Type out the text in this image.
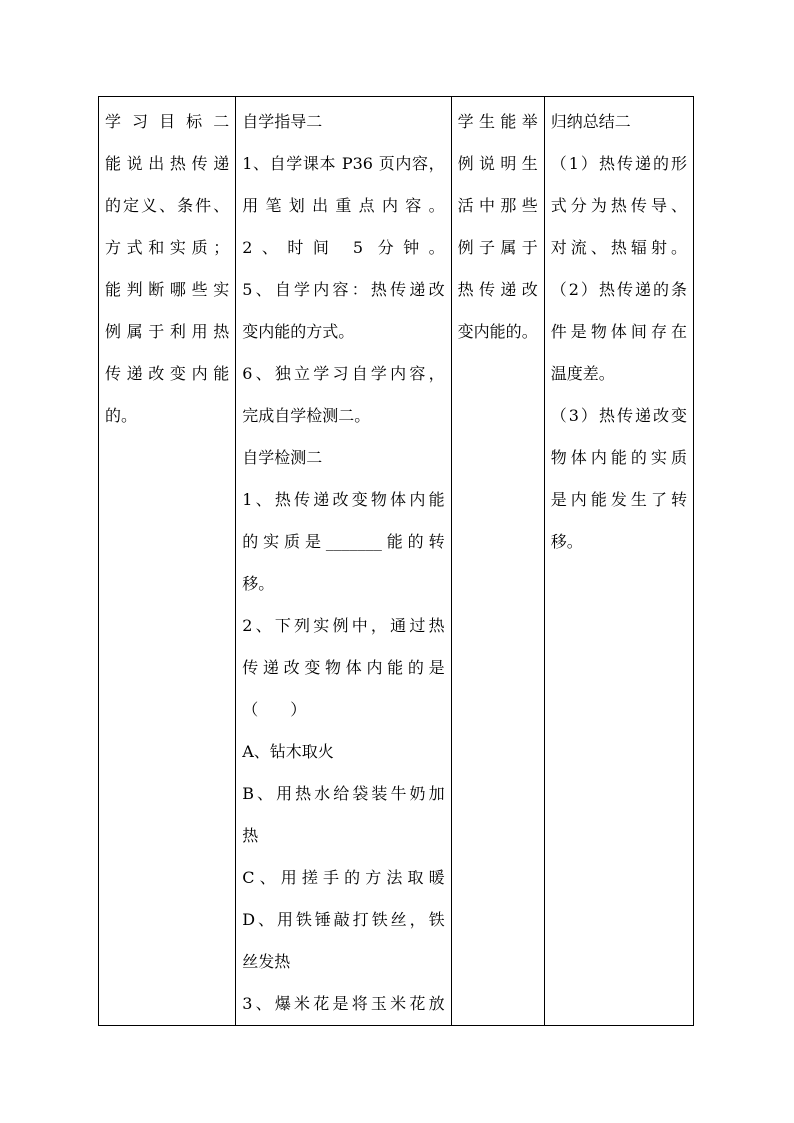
学习目标二
能说出热传递
的定义、条件、
方式和实质；
能判断哪些实
例属于利用热
传递改变内能
的。

自学指导二
1、自学课本 P36 页内容，
用笔划出重点内容。
2、时间 5 分钟。
5、自学内容：热传递改
变内能的方式。
6、独立学习自学内容，
完成自学检测二。
自学检测二
1、热传递改变物体内能
的实质是_______能的转
移。
2、下列实例中，通过热
传递改变物体内能的是
（　　）
A、钻木取火
B、用热水给袋装牛奶加
热
C、用搓手的方法取暖
D、用铁锤敲打铁丝，铁
丝发热
3、爆米花是将玉米花放

学生能举
例说明生
活中那些
例子属于
热传递改
变内能的。

归纳总结二
（1）热传递的形
式分为热传导、
对流、热辐射。
（2）热传递的条
件是物体间存在
温度差。
（3）热传递改变
物体内能的实质
是内能发生了转
移。
